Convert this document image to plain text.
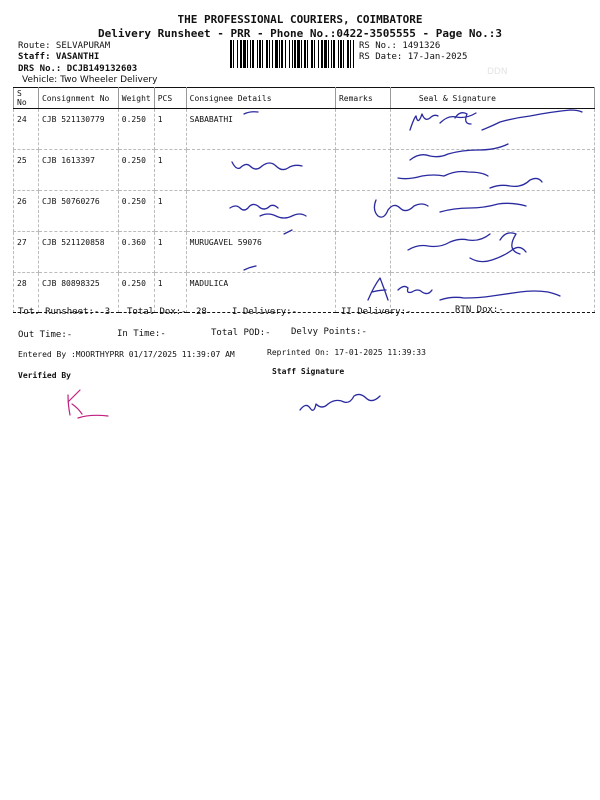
THE PROFESSIONAL COURIERS, COIMBATORE
Delivery Runsheet - PRR - Phone No.:0422-3505555 - Page No.:3
Route: SELVAPURAM
Staff: VASANTHI
DRS No.: DCJB149132603
Vehicle: Two Wheeler Delivery
RS No.: 1491326
RS Date: 17-Jan-2025
DDN
S No	Consignment No	Weight	PCS	Consignee Details	Remarks	Seal & Signature
24	CJB 521130779	0.250	1	SABABATHI		
25	CJB 1613397	0.250	1			
26	CJB 50760276	0.250	1			
27	CJB 521120858	0.360	1	MURUGAVEL 59076		
28	CJB 80898325	0.250	1	MADULICA		
Tot. Runsheet:- 3 Total Dox:- 28	I Delivery:-	II Delivery:-	RTN Dox:-
Out Time:-	In Time:-	Total POD:- Delvy Points:-
Entered By :MOORTHYPRR 01/17/2025 11:39:07 AM	Reprinted On: 17-01-2025 11:39:33
Verified By	Staff Signature
